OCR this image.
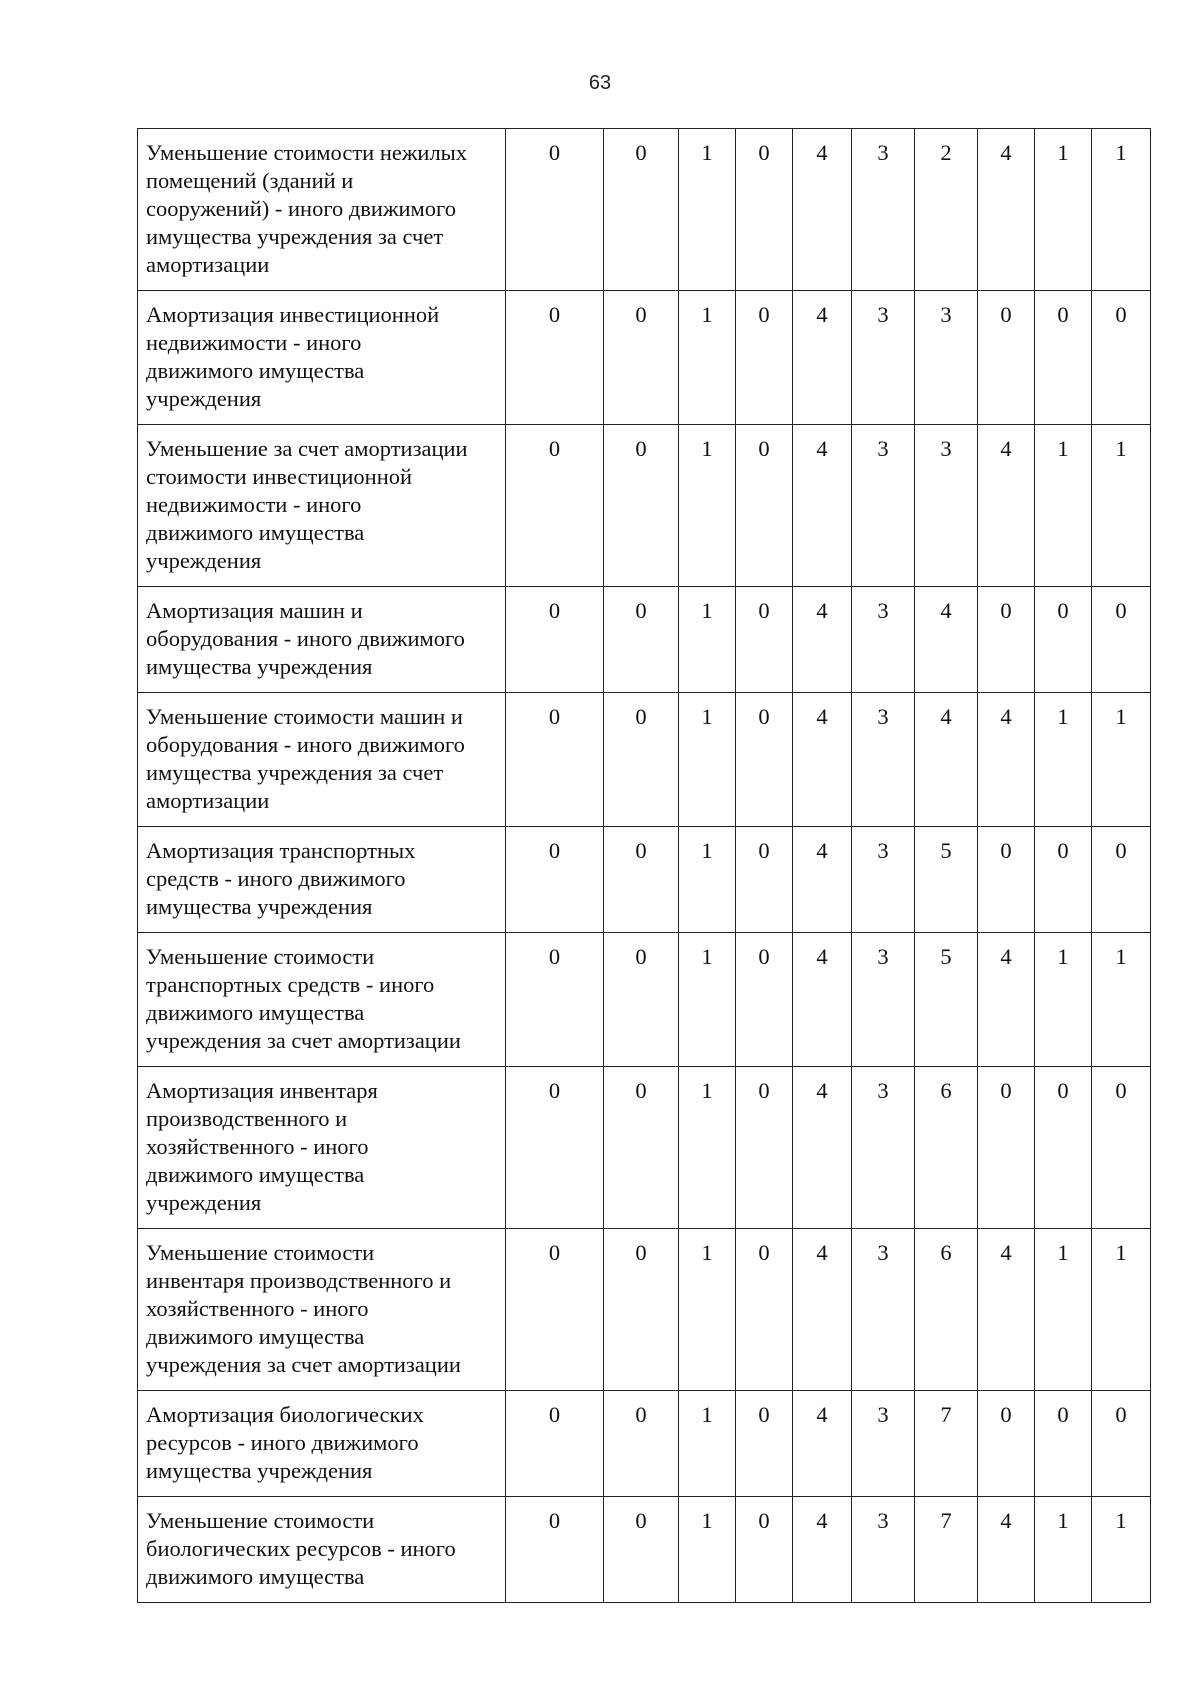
63
Уменьшение стоимости нежилых
помещений (зданий и
сооружений) - иного движимого
имущества учреждения за счет
амортизации	0	0	1	0	4	3	2	4	1	1

Амортизация инвестиционной
недвижимости - иного
движимого имущества
учреждения	0	0	1	0	4	3	3	0	0	0

Уменьшение за счет амортизации
стоимости инвестиционной
недвижимости - иного
движимого имущества
учреждения	0	0	1	0	4	3	3	4	1	1

Амортизация машин и
оборудования - иного движимого
имущества учреждения	0	0	1	0	4	3	4	0	0	0

Уменьшение стоимости машин и
оборудования - иного движимого
имущества учреждения за счет
амортизации	0	0	1	0	4	3	4	4	1	1

Амортизация транспортных
средств - иного движимого
имущества учреждения	0	0	1	0	4	3	5	0	0	0

Уменьшение стоимости
транспортных средств - иного
движимого имущества
учреждения за счет амортизации	0	0	1	0	4	3	5	4	1	1

Амортизация инвентаря
производственного и
хозяйственного - иного
движимого имущества
учреждения	0	0	1	0	4	3	6	0	0	0

Уменьшение стоимости
инвентаря производственного и
хозяйственного - иного
движимого имущества
учреждения за счет амортизации	0	0	1	0	4	3	6	4	1	1

Амортизация биологических
ресурсов - иного движимого
имущества учреждения	0	0	1	0	4	3	7	0	0	0

Уменьшение стоимости
биологических ресурсов - иного
движимого имущества	0	0	1	0	4	3	7	4	1	1
